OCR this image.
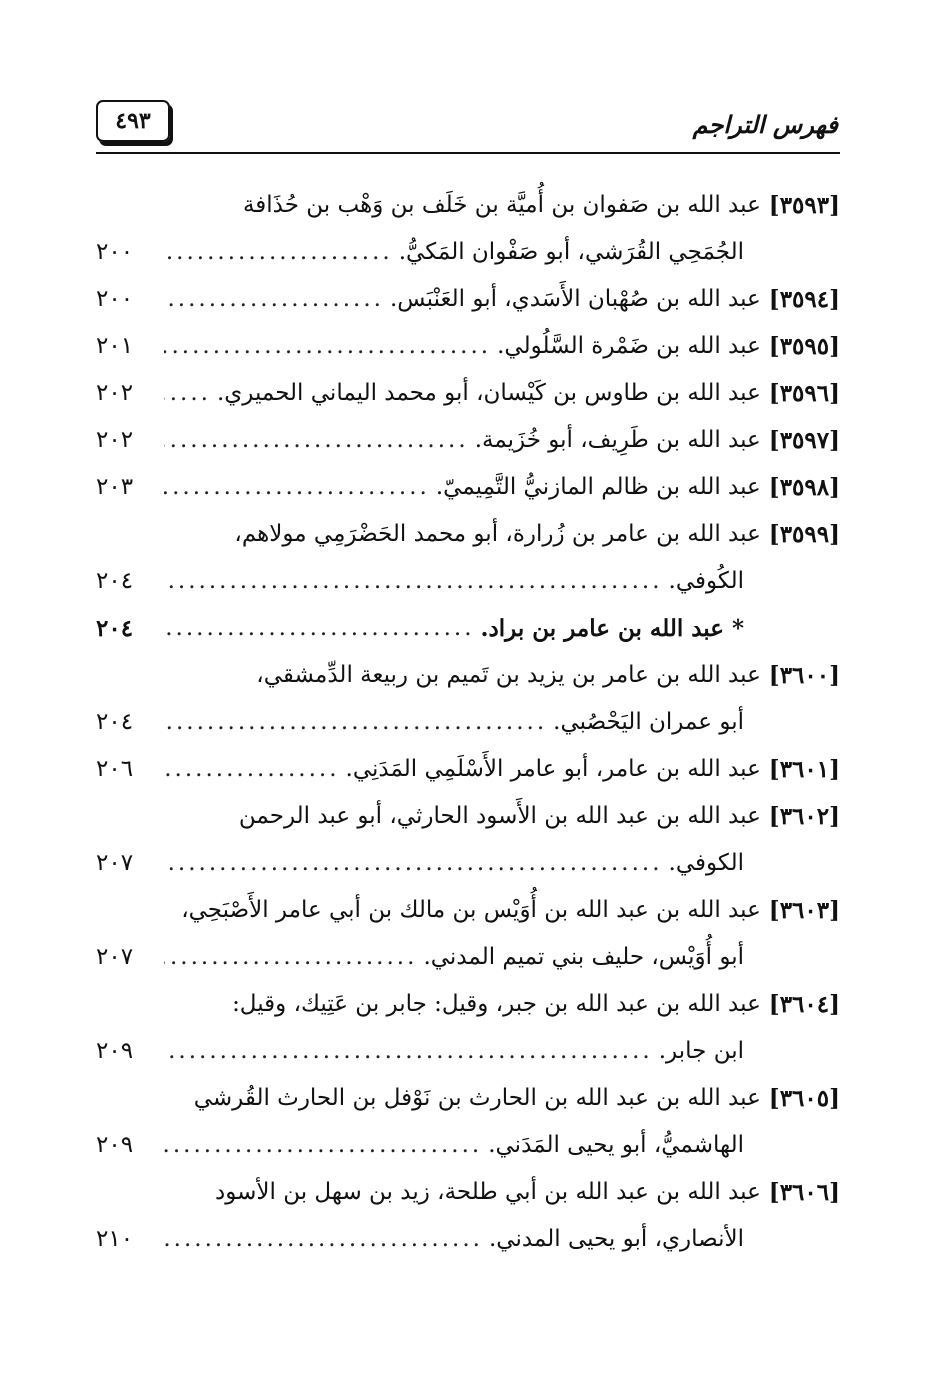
٤٩٣	فهرس التراجم
[٣٥٩٣]
عبد الله بن صَفوان بن أُميَّة بن خَلَف بن وَهْب بن حُذَافة
الجُمَحِي القُرَشي، أبو صَفْوان المَكيُّ.
.....
٢٠٠
[٣٥٩٤]
عبد الله بن صُهْبان الأَسَدي، أبو العَنْبَس.
.....
٢٠٠
[٣٥٩٥]
عبد الله بن ضَمْرة السَّلُولي.
.....
٢٠١
[٣٥٩٦]
عبد الله بن طاوس بن كَيْسان، أبو محمد اليماني الحميري.
.....
٢٠٢
[٣٥٩٧]
عبد الله بن طَرِيف، أبو خُزَيمة.
.....
٢٠٢
[٣٥٩٨]
عبد الله بن ظالم المازنيُّ التَّمِيميّ.
.....
٢٠٣
[٣٥٩٩]
عبد الله بن عامر بن زُرارة، أبو محمد الحَضْرَمِي مولاهم،
الكُوفي.
.....
٢٠٤
* عبد الله بن عامر بن براد.
.....
٢٠٤
[٣٦٠٠]
عبد الله بن عامر بن يزيد بن تَميم بن ربيعة الدِّمشقي،
أبو عمران اليَحْصُبي.
.....
٢٠٤
[٣٦٠١]
عبد الله بن عامر، أبو عامر الأَسْلَمِي المَدَنِي.
.....
٢٠٦
[٣٦٠٢]
عبد الله بن عبد الله بن الأَسود الحارثي، أبو عبد الرحمن
الكوفي.
.....
٢٠٧
[٣٦٠٣]
عبد الله بن عبد الله بن أُوَيْس بن مالك بن أبي عامر الأَصْبَحِي،
أبو أُوَيْس، حليف بني تميم المدني.
.....
٢٠٧
[٣٦٠٤]
عبد الله بن عبد الله بن جبر، وقيل: جابر بن عَتِيك، وقيل:
ابن جابر.
.....
٢٠٩
[٣٦٠٥]
عبد الله بن عبد الله بن الحارث بن نَوْفل بن الحارث القُرشي
الهاشميُّ، أبو يحيى المَدَني.
.....
٢٠٩
[٣٦٠٦]
عبد الله بن عبد الله بن أبي طلحة، زيد بن سهل بن الأسود
الأنصاري، أبو يحيى المدني.
.....
٢١٠
